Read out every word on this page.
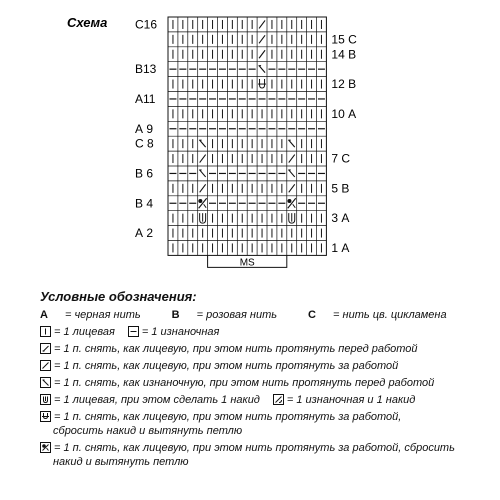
Схема С16
В13
А11
А 9
С 8
В 6
В 4
А 2
15 С
14 В
12 В
10 А
7 С
5 В
3 А
1 А
MS
Условные обозначения:
А = черная нить	В = розовая нить	С = нить цв. цикламена
= 1 лицевая = 1 изнаночная
= 1 п. снять, как лицевую, при этом нить протянуть перед работой
= 1 п. снять, как лицевую, при этом нить протянуть за работой
= 1 п. снять, как изнаночную, при этом нить протянуть перед работой
= 1 лицевая, при этом сделать 1 накид = 1 изнаночная и 1 накид
= 1 п. снять, как лицевую, при этом нить протянуть за работой,
сбросить накид и вытянуть петлю
= 1 п. снять, как лицевую, при этом нить протянуть за работой, сбросить
накид и вытянуть петлю
